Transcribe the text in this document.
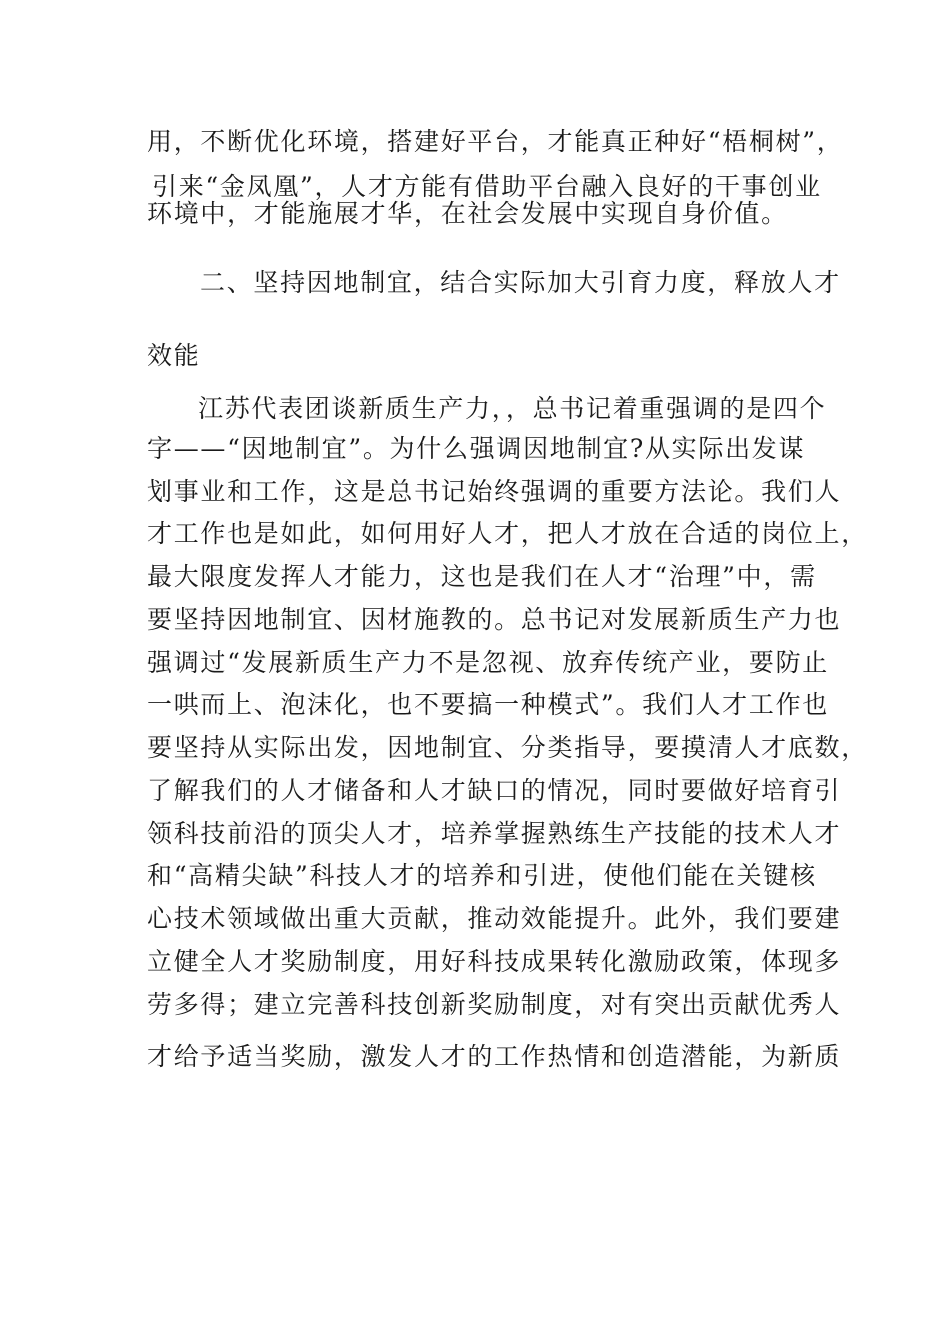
用，不断优化环境，搭建好平台，才能真正种好“梧桐树”，
引来“金凤凰”，人才方能有借助平台融入良好的干事创业
环境中，才能施展才华，在社会发展中实现自身价值。
二、坚持因地制宜，结合实际加大引育力度，释放人才
效能
江苏代表团谈新质生产力，，总书记着重强调的是四个
字——“因地制宜”。为什么强调因地制宜?从实际出发谋
划事业和工作，这是总书记始终强调的重要方法论。我们人
才工作也是如此，如何用好人才，把人才放在合适的岗位上，
最大限度发挥人才能力，这也是我们在人才“治理”中，需
要坚持因地制宜、因材施教的。总书记对发展新质生产力也
强调过“发展新质生产力不是忽视、放弃传统产业，要防止
一哄而上、泡沫化，也不要搞一种模式”。我们人才工作也
要坚持从实际出发，因地制宜、分类指导，要摸清人才底数，
了解我们的人才储备和人才缺口的情况，同时要做好培育引
领科技前沿的顶尖人才，培养掌握熟练生产技能的技术人才
和“高精尖缺”科技人才的培养和引进，使他们能在关键核
心技术领域做出重大贡献，推动效能提升。此外，我们要建
立健全人才奖励制度，用好科技成果转化激励政策，体现多
劳多得；建立完善科技创新奖励制度，对有突出贡献优秀人
才给予适当奖励，激发人才的工作热情和创造潜能，为新质
